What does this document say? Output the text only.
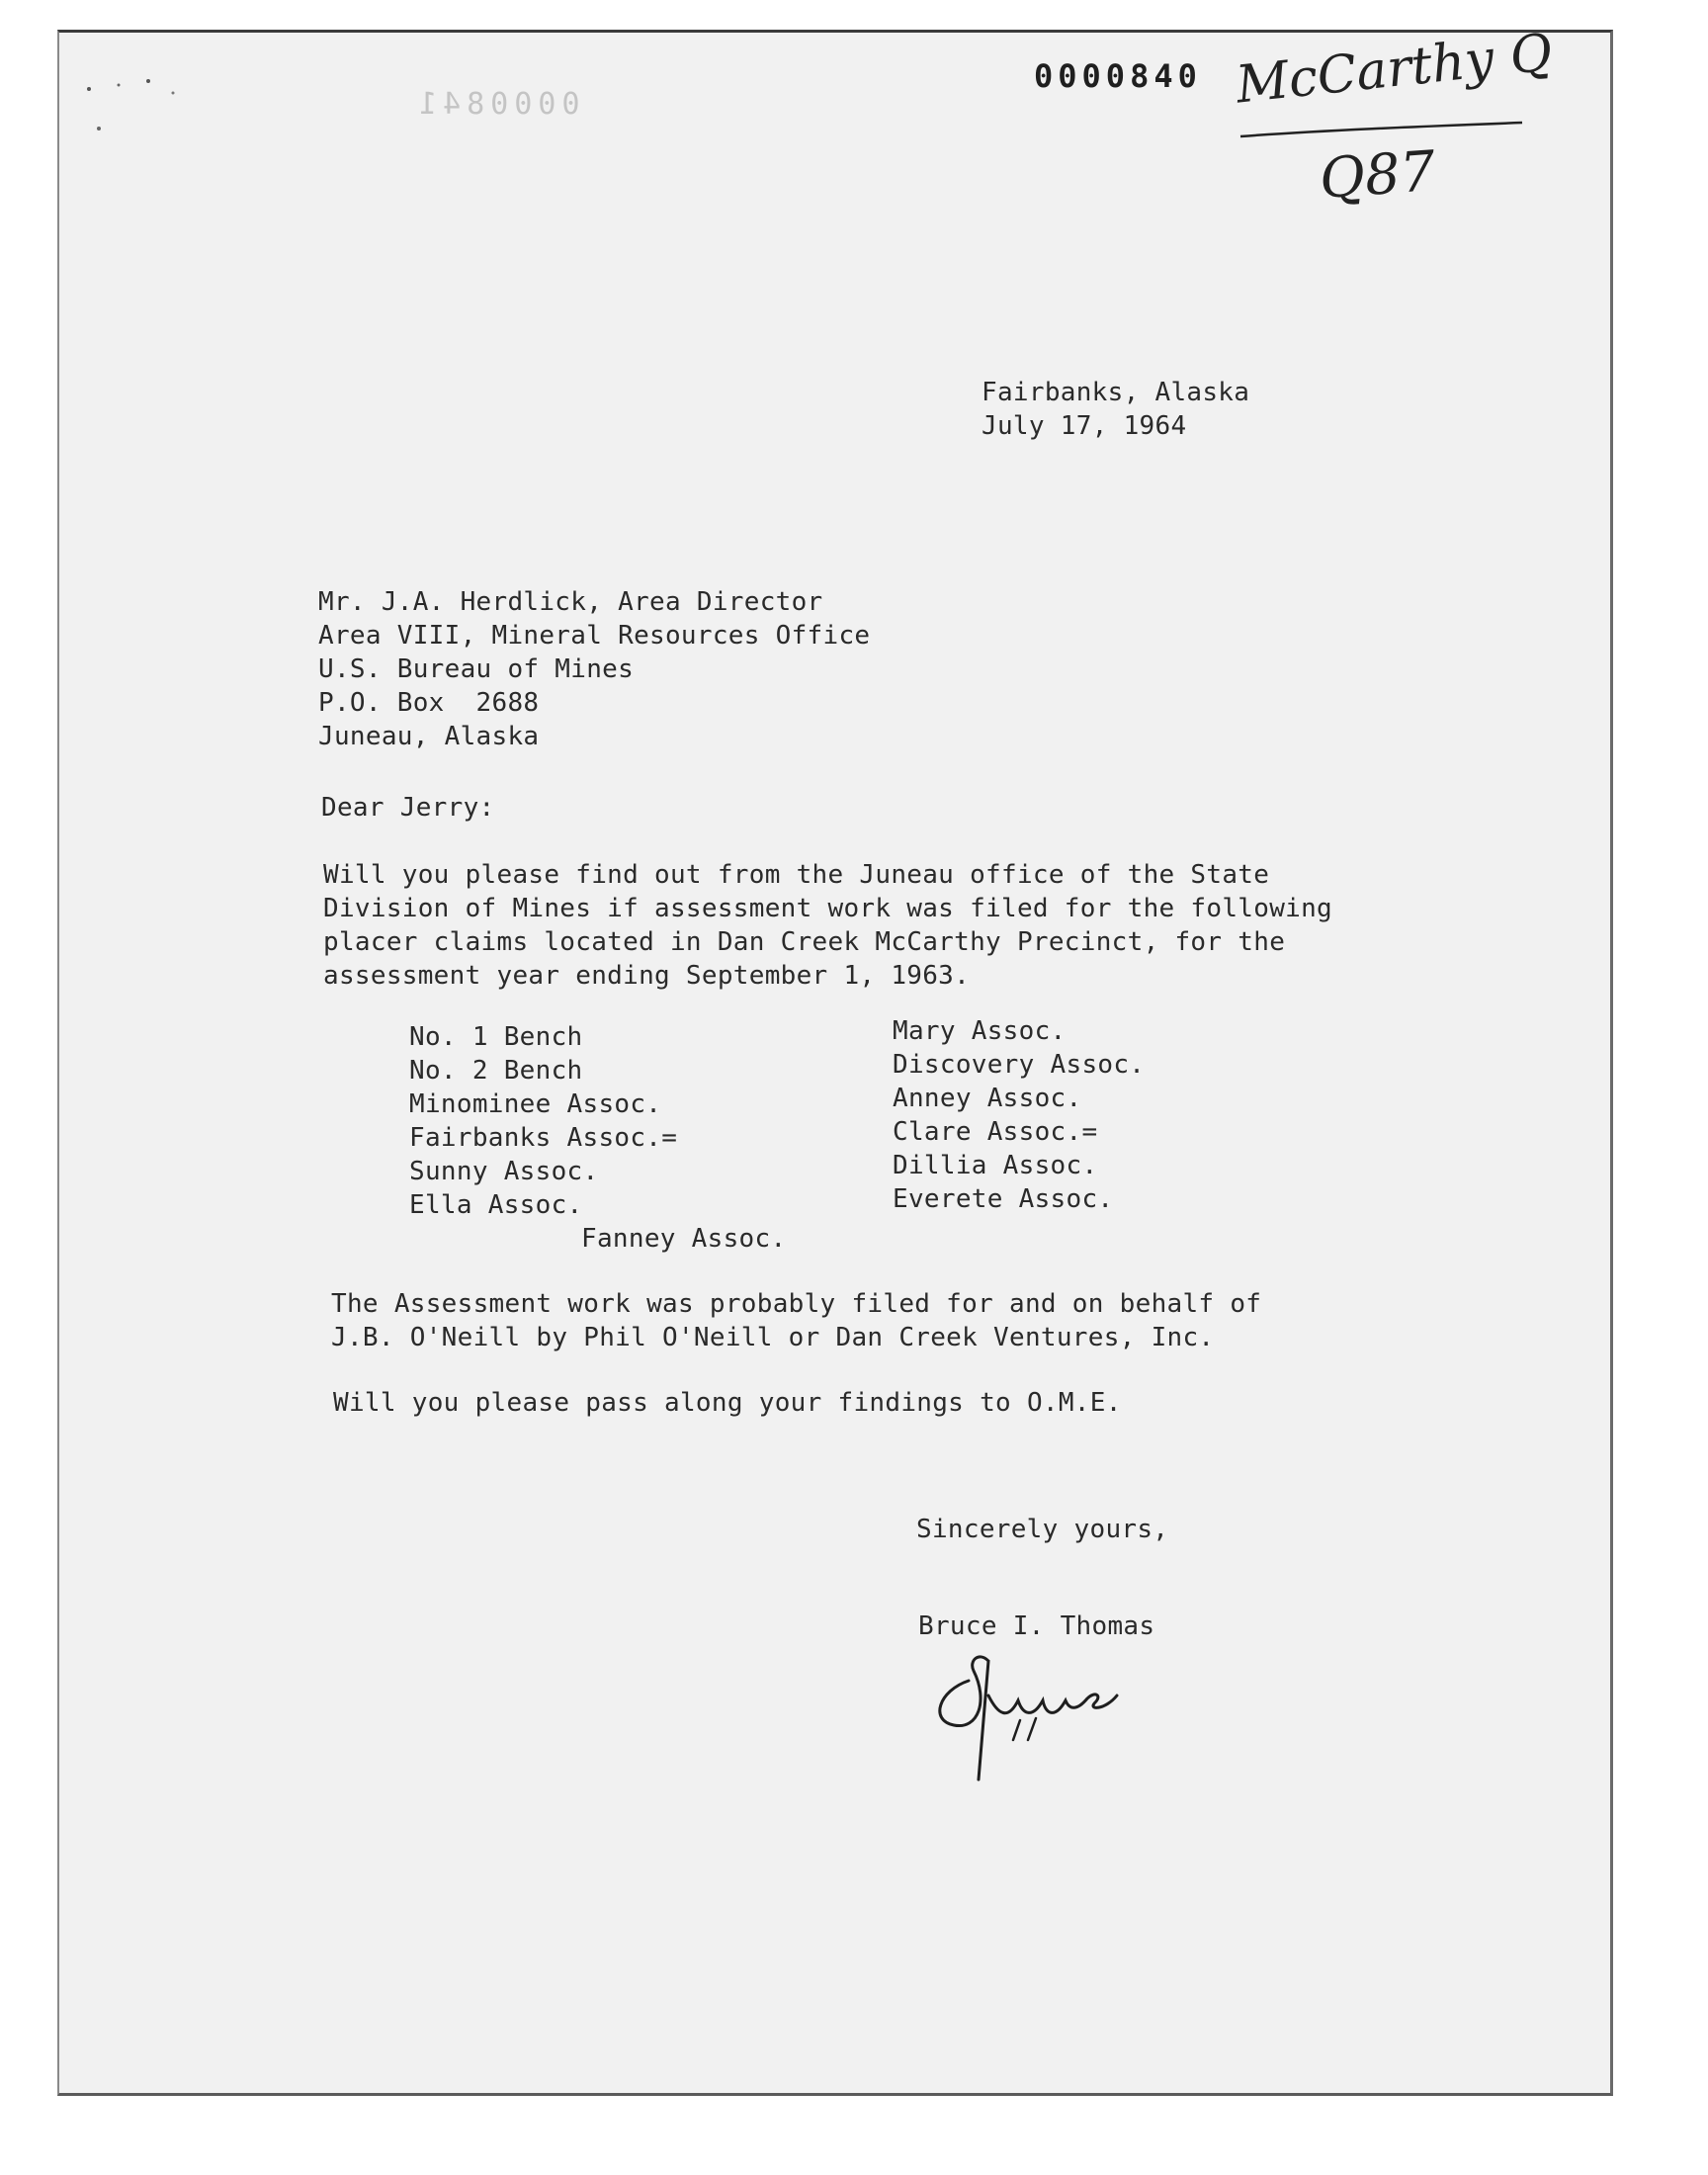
0000841
0000840 McCarthy Q
Q87
Fairbanks, Alaska
July 17, 1964
Mr. J.A. Herdlick, Area Director
Area VIII, Mineral Resources Office
U.S. Bureau of Mines
P.O. Box  2688
Juneau, Alaska
Dear Jerry:
Will you please find out from the Juneau office of the State
Division of Mines if assessment work was filed for the following
placer claims located in Dan Creek McCarthy Precinct, for the
assessment year ending September 1, 1963.
No. 1 Bench
No. 2 Bench
Minominee Assoc.
Fairbanks Assoc.=
Sunny Assoc.
Ella Assoc.
Mary Assoc.
Discovery Assoc.
Anney Assoc.
Clare Assoc.=
Dillia Assoc.
Everete Assoc.
Fanney Assoc.
The Assessment work was probably filed for and on behalf of
J.B. O'Neill by Phil O'Neill or Dan Creek Ventures, Inc.
Will you please pass along your findings to O.M.E.
Sincerely yours,
Bruce I. Thomas
